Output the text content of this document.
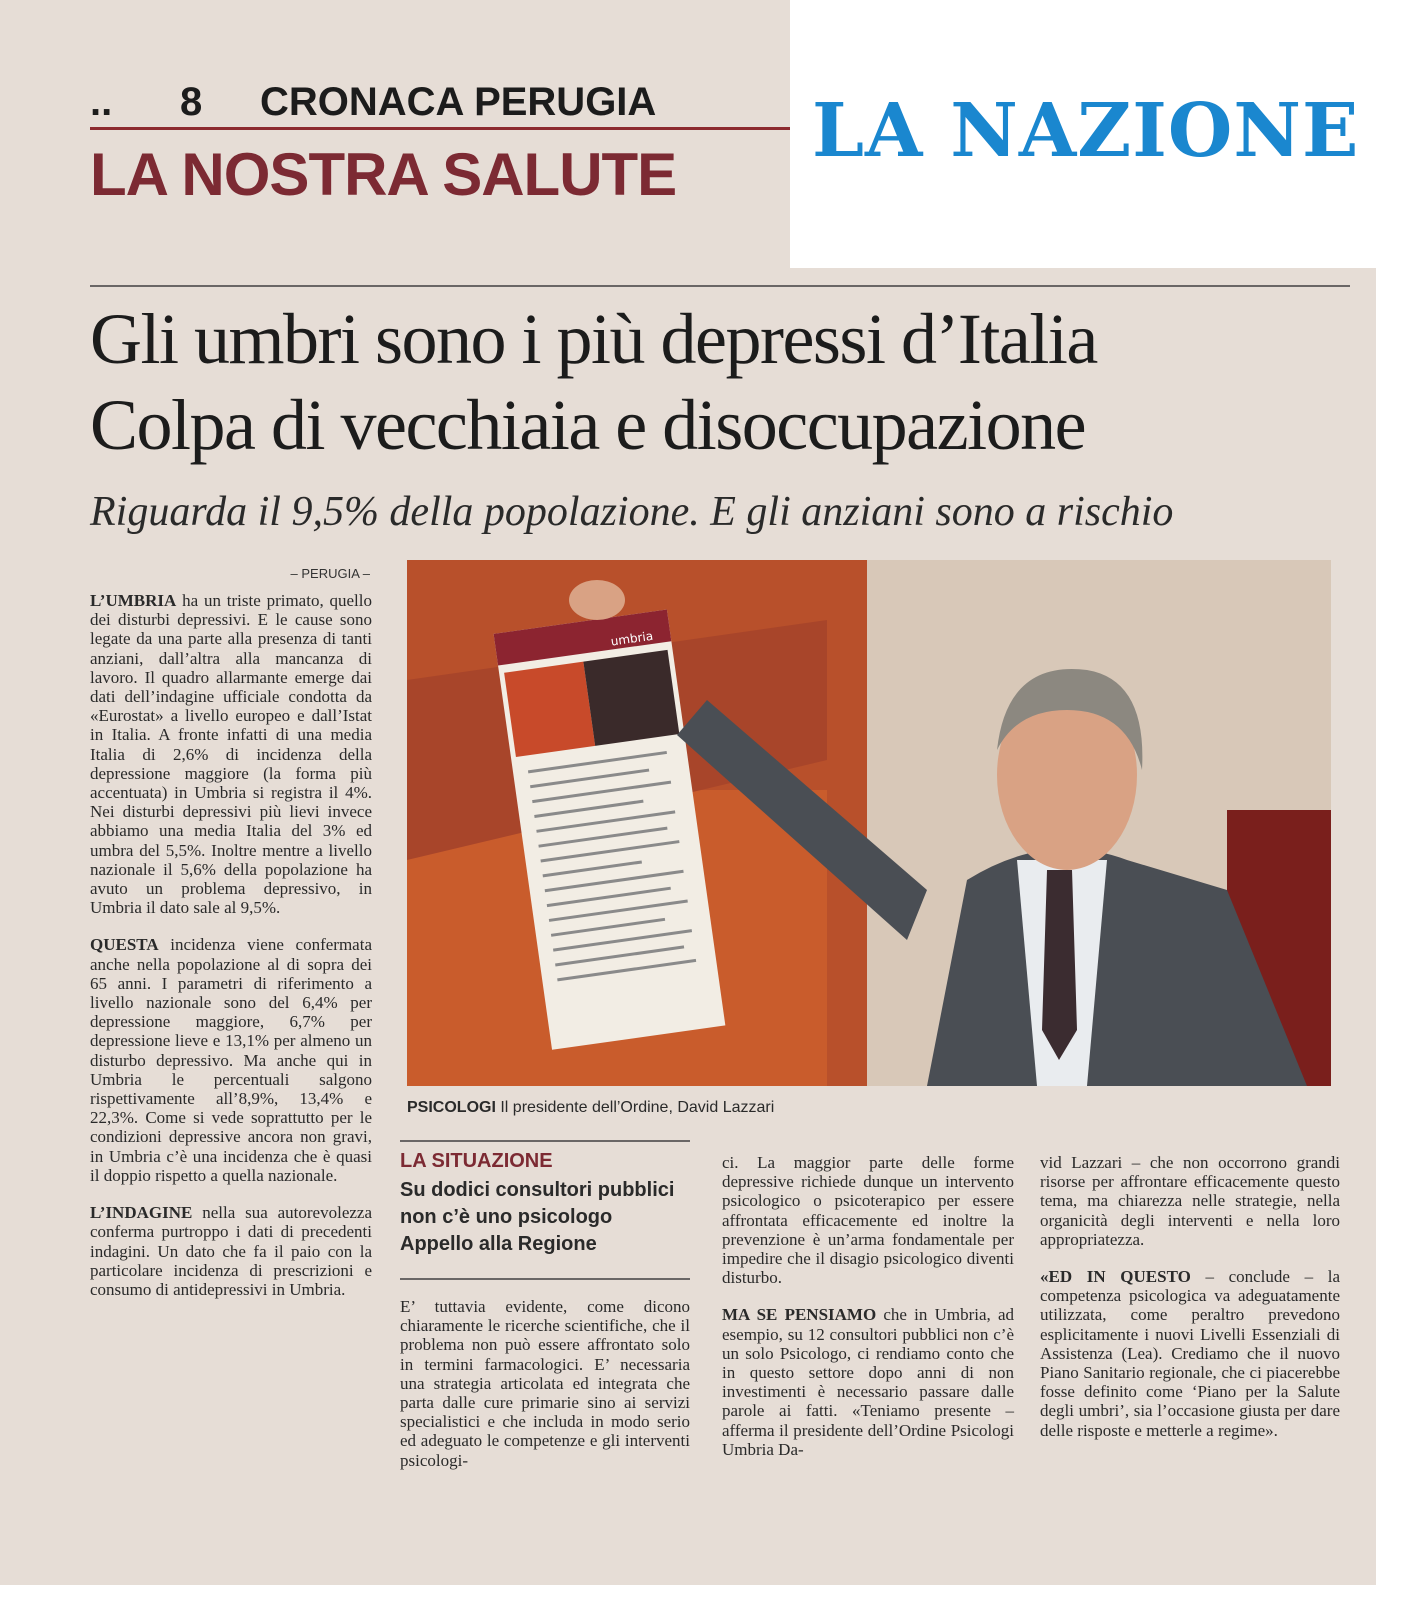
.. 8 CRONACA PERUGIA
LA NOSTRA SALUTE
Gli umbri sono i più depressi d’Italia
Colpa di vecchiaia e disoccupazione
Riguarda il 9,5% della popolazione. E gli anziani sono a rischio
– PERUGIA –

L’UMBRIA ha un triste primato, quello dei disturbi depressivi. E le cause sono legate da una parte alla presenza di tanti anziani, dall’altra alla mancanza di lavoro. Il quadro allarmante emerge dai dati dell’indagine ufficiale condotta da «Eurostat» a livello europeo e dall’Istat in Italia. A fronte infatti di una media Italia di 2,6% di incidenza della depressione maggiore (la forma più accentuata) in Umbria si registra il 4%. Nei disturbi depressivi più lievi invece abbiamo una media Italia del 3% ed umbra del 5,5%. Inoltre mentre a livello nazionale il 5,6% della popolazione ha avuto un problema depressivo, in Umbria il dato sale al 9,5%.

QUESTA incidenza viene confermata anche nella popolazione al di sopra dei 65 anni. I parametri di riferimento a livello nazionale sono del 6,4% per depressione maggiore, 6,7% per depressione lieve e 13,1% per almeno un disturbo depressivo. Ma anche qui in Umbria le percentuali salgono rispettivamente all’8,9%, 13,4% e 22,3%. Come si vede soprattutto per le condizioni depressive ancora non gravi, in Umbria c’è una incidenza che è quasi il doppio rispetto a quella nazionale.

L’INDAGINE nella sua autorevolezza conferma purtroppo i dati di precedenti indagini. Un dato che fa il paio con la particolare incidenza di prescrizioni e consumo di antidepressivi in Umbria.

umbria
PSICOLOGI Il presidente dell’Ordine, David Lazzari
LA SITUAZIONE
Su dodici consultori pubblici
non c’è uno psicologo
Appello alla Regione

E’ tuttavia evidente, come dicono chiaramente le ricerche scientifiche, che il problema non può essere affrontato solo in termini farmacologici. E’ necessaria una strategia articolata ed integrata che parta dalle cure primarie sino ai servizi specialistici e che includa in modo serio ed adeguato le competenze e gli interventi psicologi-

ci. La maggior parte delle forme depressive richiede dunque un intervento psicologico o psicoterapico per essere affrontata efficacemente ed inoltre la prevenzione è un’arma fondamentale per impedire che il disagio psicologico diventi disturbo.

MA SE PENSIAMO che in Umbria, ad esempio, su 12 consultori pubblici non c’è un solo Psicologo, ci rendiamo conto che in questo settore dopo anni di non investimenti è necessario passare dalle parole ai fatti. «Teniamo presente – afferma il presidente dell’Ordine Psicologi Umbria Da-

vid Lazzari – che non occorrono grandi risorse per affrontare efficacemente questo tema, ma chiarezza nelle strategie, nella organicità degli interventi e nella loro appropriatezza.

«ED IN QUESTO – conclude – la competenza psicologica va adeguatamente utilizzata, come peraltro prevedono esplicitamente i nuovi Livelli Essenziali di Assistenza (Lea). Crediamo che il nuovo Piano Sanitario regionale, che ci piacerebbe fosse definito come ‘Piano per la Salute degli umbri’, sia l’occasione giusta per dare delle risposte e metterle a regime».

LA NAZIONE
